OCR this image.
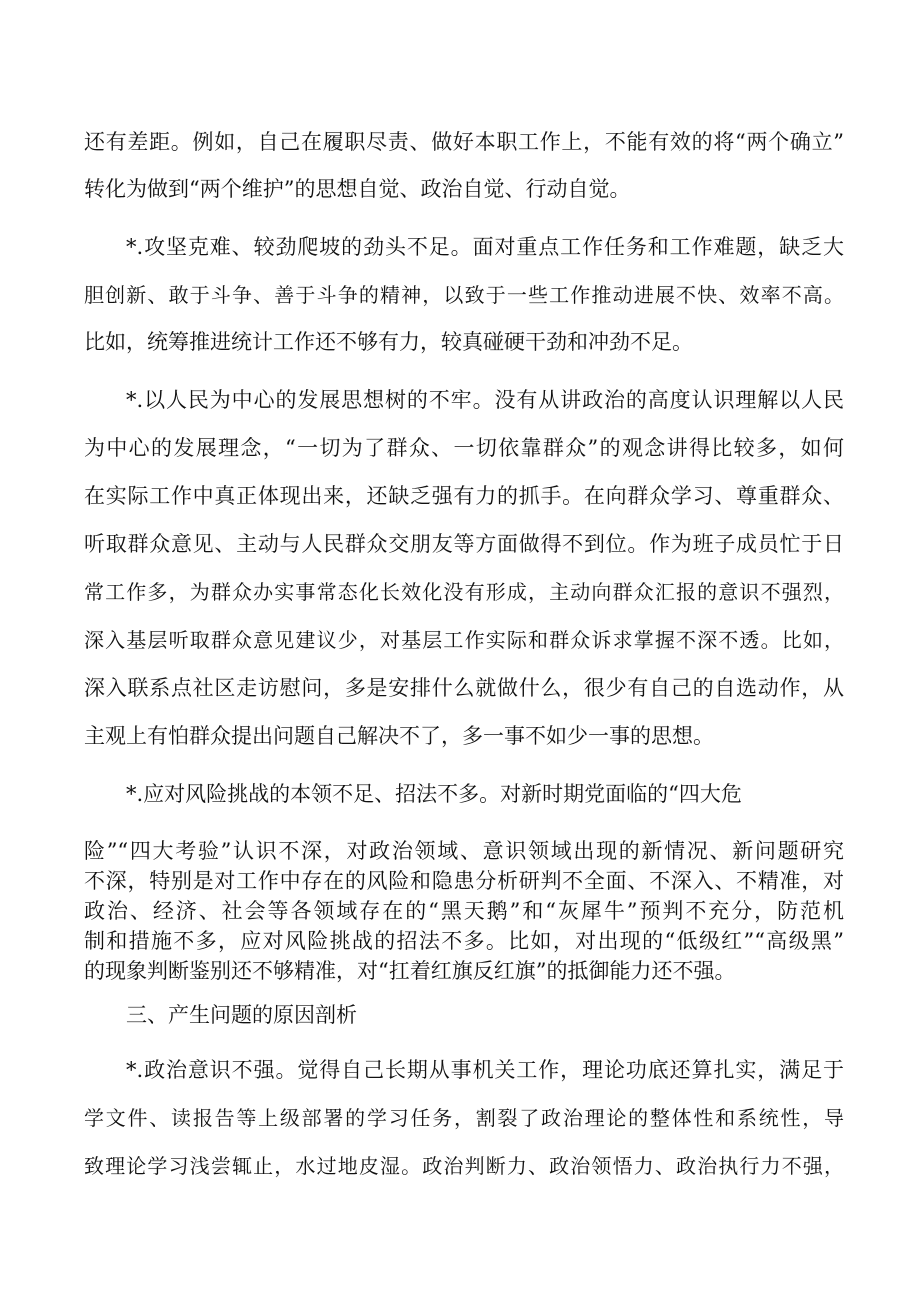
还有差距。例如，自己在履职尽责、做好本职工作上，不能有效的将“两个确立”
转化为做到“两个维护”的思想自觉、政治自觉、行动自觉。
*.攻坚克难、较劲爬坡的劲头不足。面对重点工作任务和工作难题，缺乏大
胆创新、敢于斗争、善于斗争的精神，以致于一些工作推动进展不快、效率不高。
比如，统筹推进统计工作还不够有力，较真碰硬干劲和冲劲不足。
*.以人民为中心的发展思想树的不牢。没有从讲政治的高度认识理解以人民
为中心的发展理念，“一切为了群众、一切依靠群众”的观念讲得比较多，如何
在实际工作中真正体现出来，还缺乏强有力的抓手。在向群众学习、尊重群众、
听取群众意见、主动与人民群众交朋友等方面做得不到位。作为班子成员忙于日
常工作多，为群众办实事常态化长效化没有形成，主动向群众汇报的意识不强烈，
深入基层听取群众意见建议少，对基层工作实际和群众诉求掌握不深不透。比如，
深入联系点社区走访慰问，多是安排什么就做什么，很少有自己的自选动作，从
主观上有怕群众提出问题自己解决不了，多一事不如少一事的思想。
*.应对风险挑战的本领不足、招法不多。对新时期党面临的“四大危
险”“四大考验”认识不深，对政治领域、意识领域出现的新情况、新问题研究
不深，特别是对工作中存在的风险和隐患分析研判不全面、不深入、不精准，对
政治、经济、社会等各领域存在的“黑天鹅”和“灰犀牛”预判不充分，防范机
制和措施不多，应对风险挑战的招法不多。比如，对出现的“低级红”“高级黑”
的现象判断鉴别还不够精准，对“扛着红旗反红旗”的抵御能力还不强。
三、产生问题的原因剖析
*.政治意识不强。觉得自己长期从事机关工作，理论功底还算扎实，满足于
学文件、读报告等上级部署的学习任务，割裂了政治理论的整体性和系统性，导
致理论学习浅尝辄止，水过地皮湿。政治判断力、政治领悟力、政治执行力不强，
